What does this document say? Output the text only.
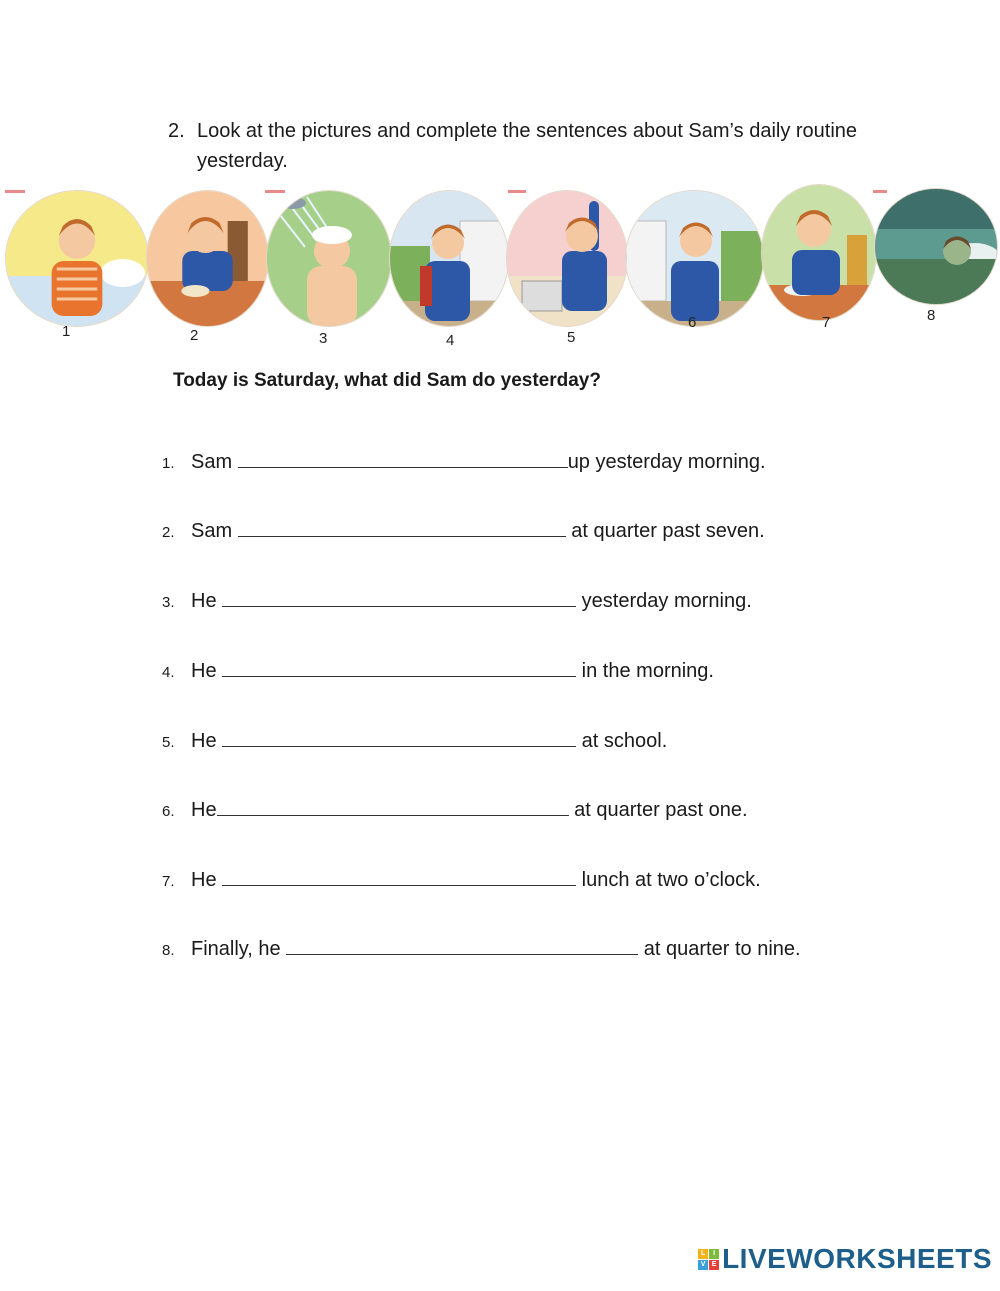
2. Look at the pictures and complete the sentences about Sam’s daily routine yesterday.
1	2	3	4	5
6	7	8
Today is Saturday, what did Sam do yesterday?
1. Sam	up yesterday morning.
2. Sam	at quarter past seven.
3. He	yesterday morning.
4. He	in the morning.
5. He	at school.
6. He	at quarter past one.
7. He	lunch at two o’clock.
8. Finally, he	at quarter to nine.
L	I
V E LIVEWORKSHEETS
